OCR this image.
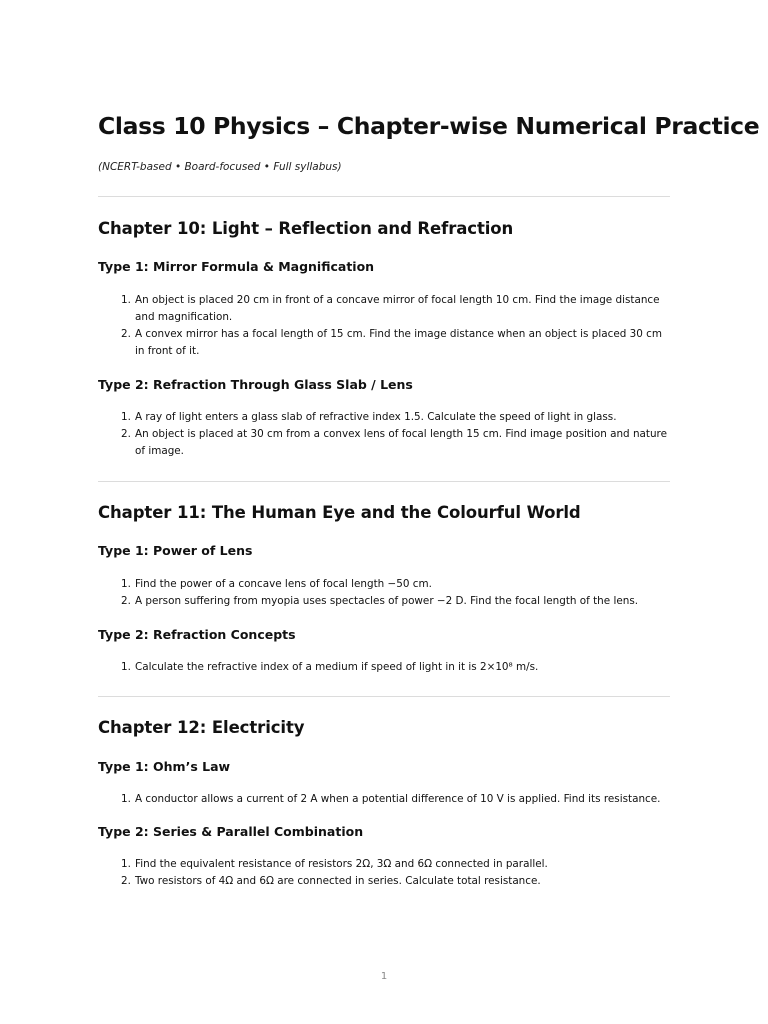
Class 10 Physics – Chapter-wise Numerical Practice

(NCERT-based • Board-focused • Full syllabus)

Chapter 10: Light – Reflection and Refraction
Type 1: Mirror Formula & Magnification
1. An object is placed 20 cm in front of a concave mirror of focal length 10 cm. Find the image distance and magnification.
2. A convex mirror has a focal length of 15 cm. Find the image distance when an object is placed 30 cm in front of it.
Type 2: Refraction Through Glass Slab / Lens
1. A ray of light enters a glass slab of refractive index 1.5. Calculate the speed of light in glass.
2. An object is placed at 30 cm from a convex lens of focal length 15 cm. Find image position and nature of image.
Chapter 11: The Human Eye and the Colourful World
Type 1: Power of Lens
1. Find the power of a concave lens of focal length −50 cm.
2. A person suffering from myopia uses spectacles of power −2 D. Find the focal length of the lens.
Type 2: Refraction Concepts
1. Calculate the refractive index of a medium if speed of light in it is 2×10⁸ m/s.
Chapter 12: Electricity
Type 1: Ohm’s Law
1. A conductor allows a current of 2 A when a potential difference of 10 V is applied. Find its resistance.
Type 2: Series & Parallel Combination
1. Find the equivalent resistance of resistors 2Ω, 3Ω and 6Ω connected in parallel.
2. Two resistors of 4Ω and 6Ω are connected in series. Calculate total resistance.
1
